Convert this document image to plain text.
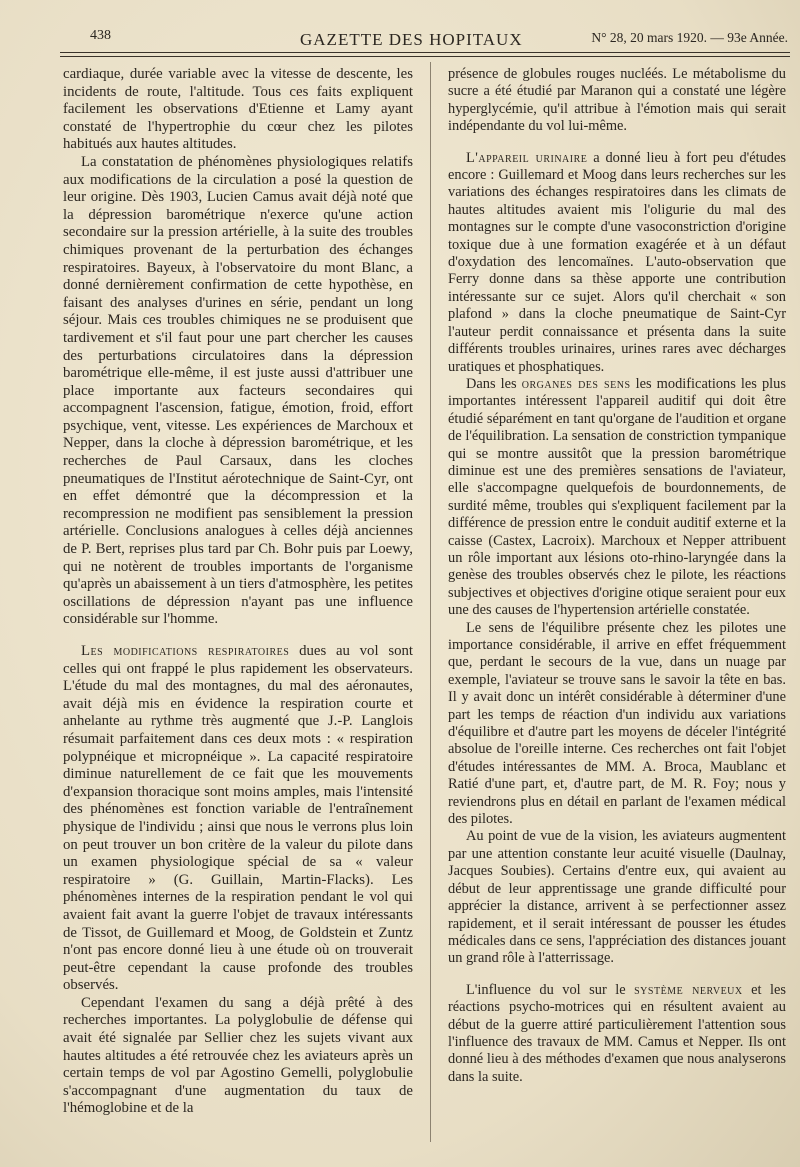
438	GAZETTE DES HOPITAUX	N° 28, 20 mars 1920. — 93e Année.

cardiaque, durée variable avec la vitesse de descente, les incidents de route, l'altitude. Tous ces faits expliquent facilement les observations d'Etienne et Lamy ayant constaté de l'hypertrophie du cœur chez les pilotes habitués aux hautes altitudes.

La constatation de phénomènes physiologiques relatifs aux modifications de la circulation a posé la question de leur origine. Dès 1903, Lucien Camus avait déjà noté que la dépression barométrique n'exerce qu'une action secondaire sur la pression artérielle, à la suite des troubles chimiques provenant de la perturbation des échanges respiratoires. Bayeux, à l'observatoire du mont Blanc, a donné dernièrement confirmation de cette hypothèse, en faisant des analyses d'urines en série, pendant un long séjour. Mais ces troubles chimiques ne se produisent que tardivement et s'il faut pour une part chercher les causes des perturbations circulatoires dans la dépression barométrique elle-même, il est juste aussi d'attribuer une place importante aux facteurs secondaires qui accompagnent l'ascension, fatigue, émotion, froid, effort psychique, vent, vitesse. Les expériences de Marchoux et Nepper, dans la cloche à dépression barométrique, et les recherches de Paul Carsaux, dans les cloches pneumatiques de l'Institut aérotechnique de Saint-Cyr, ont en effet démontré que la décompression et la recompression ne modifient pas sensiblement la pression artérielle. Conclusions analogues à celles déjà anciennes de P. Bert, reprises plus tard par Ch. Bohr puis par Loewy, qui ne notèrent de troubles importants de l'organisme qu'après un abaissement à un tiers d'atmosphère, les petites oscillations de dépression n'ayant pas une influence considérable sur l'homme.

Les modifications respiratoires dues au vol sont celles qui ont frappé le plus rapidement les observateurs. L'étude du mal des montagnes, du mal des aéronautes, avait déjà mis en évidence la respiration courte et anhelante au rythme très augmenté que J.-P. Langlois résumait parfaitement dans ces deux mots : « respiration polypnéique et micropnéique ». La capacité respiratoire diminue naturellement de ce fait que les mouvements d'expansion thoracique sont moins amples, mais l'intensité des phénomènes est fonction variable de l'entraînement physique de l'individu ; ainsi que nous le verrons plus loin on peut trouver un bon critère de la valeur du pilote dans un examen physiologique spécial de sa « valeur respiratoire » (G. Guillain, Martin-Flacks). Les phénomènes internes de la respiration pendant le vol qui avaient fait avant la guerre l'objet de travaux intéressants de Tissot, de Guillemard et Moog, de Goldstein et Zuntz n'ont pas encore donné lieu à une étude où on trouverait peut-être cependant la cause profonde des troubles observés.

Cependant l'examen du sang a déjà prêté à des recherches importantes. La polyglobulie de défense qui avait été signalée par Sellier chez les sujets vivant aux hautes altitudes a été retrouvée chez les aviateurs après un certain temps de vol par Agostino Gemelli, polyglobulie s'accompagnant d'une augmentation du taux de l'hémoglobine et de la

présence de globules rouges nucléés. Le métabolisme du sucre a été étudié par Maranon qui a constaté une légère hyperglycémie, qu'il attribue à l'émotion mais qui serait indépendante du vol lui-même.

L'appareil urinaire a donné lieu à fort peu d'études encore : Guillemard et Moog dans leurs recherches sur les variations des échanges respiratoires dans les climats de hautes altitudes avaient mis l'oligurie du mal des montagnes sur le compte d'une vasoconstriction d'origine toxique due à une formation exagérée et à un défaut d'oxydation des lencomaïnes. L'auto-observation que Ferry donne dans sa thèse apporte une contribution intéressante sur ce sujet. Alors qu'il cherchait « son plafond » dans la cloche pneumatique de Saint-Cyr l'auteur perdit connaissance et présenta dans la suite différents troubles urinaires, urines rares avec décharges uratiques et phosphatiques.

Dans les organes des sens les modifications les plus importantes intéressent l'appareil auditif qui doit être étudié séparément en tant qu'organe de l'audition et organe de l'équilibration. La sensation de constriction tympanique qui se montre aussitôt que la pression barométrique diminue est une des premières sensations de l'aviateur, elle s'accompagne quelquefois de bourdonnements, de surdité même, troubles qui s'expliquent facilement par la différence de pression entre le conduit auditif externe et la caisse (Castex, Lacroix). Marchoux et Nepper attribuent un rôle important aux lésions oto-rhino-laryngée dans la genèse des troubles observés chez le pilote, les réactions subjectives et objectives d'origine otique seraient pour eux une des causes de l'hypertension artérielle constatée.

Le sens de l'équilibre présente chez les pilotes une importance considérable, il arrive en effet fréquemment que, perdant le secours de la vue, dans un nuage par exemple, l'aviateur se trouve sans le savoir la tête en bas. Il y avait donc un intérêt considérable à déterminer d'une part les temps de réaction d'un individu aux variations d'équilibre et d'autre part les moyens de déceler l'intégrité absolue de l'oreille interne. Ces recherches ont fait l'objet d'études intéressantes de MM. A. Broca, Maublanc et Ratié d'une part, et, d'autre part, de M. R. Foy; nous y reviendrons plus en détail en parlant de l'examen médical des pilotes.

Au point de vue de la vision, les aviateurs augmentent par une attention constante leur acuité visuelle (Daulnay, Jacques Soubies). Certains d'entre eux, qui avaient au début de leur apprentissage une grande difficulté pour apprécier la distance, arrivent à se perfectionner assez rapidement, et il serait intéressant de pousser les études médicales dans ce sens, l'appréciation des distances jouant un grand rôle à l'atterrissage.

L'influence du vol sur le système nerveux et les réactions psycho-motrices qui en résultent avaient au début de la guerre attiré particulièrement l'attention sous l'influence des travaux de MM. Camus et Nepper. Ils ont donné lieu à des méthodes d'examen que nous analyserons dans la suite.
